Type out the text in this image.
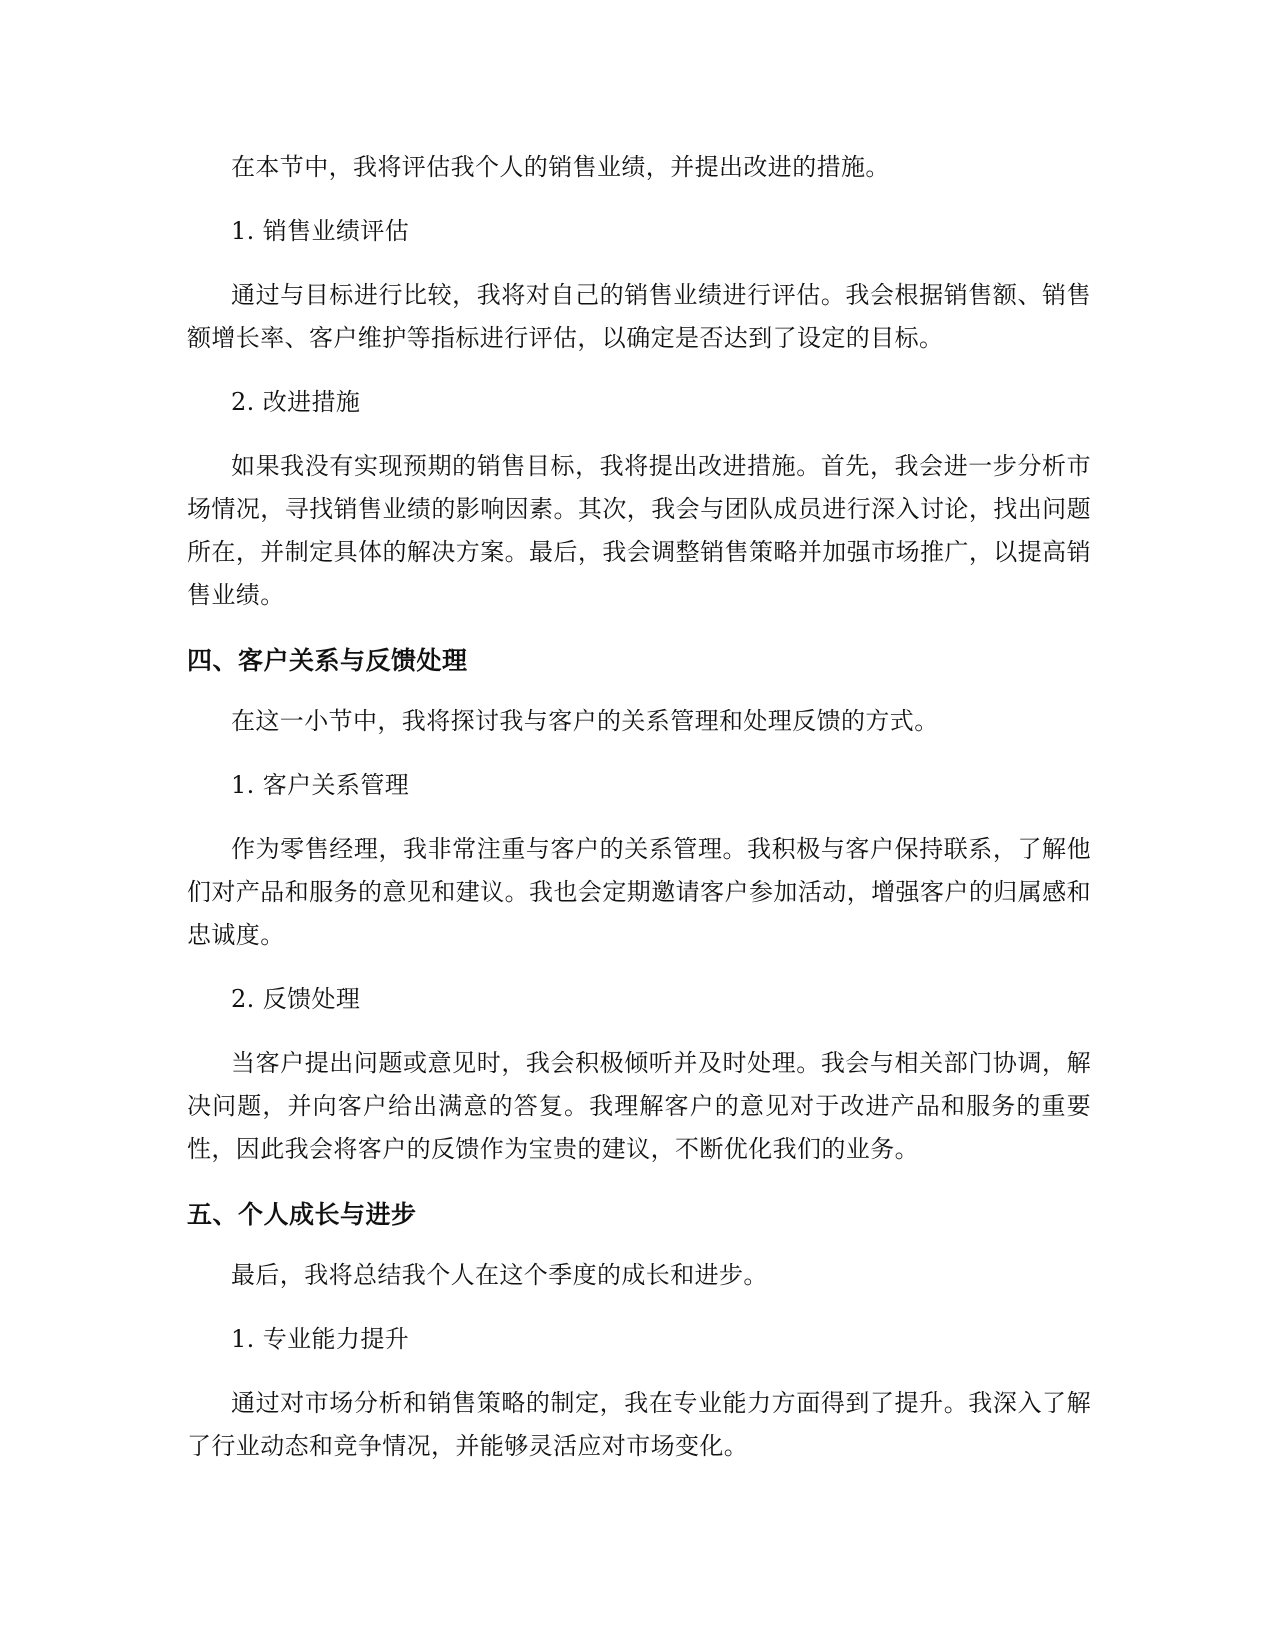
在本节中，我将评估我个人的销售业绩，并提出改进的措施。

1. 销售业绩评估

通过与目标进行比较，我将对自己的销售业绩进行评估。我会根据销售额、销售额增长率、客户维护等指标进行评估，以确定是否达到了设定的目标。

2. 改进措施

如果我没有实现预期的销售目标，我将提出改进措施。首先，我会进一步分析市场情况，寻找销售业绩的影响因素。其次，我会与团队成员进行深入讨论，找出问题所在，并制定具体的解决方案。最后，我会调整销售策略并加强市场推广，以提高销售业绩。

四、客户关系与反馈处理

在这一小节中，我将探讨我与客户的关系管理和处理反馈的方式。

1. 客户关系管理

作为零售经理，我非常注重与客户的关系管理。我积极与客户保持联系，了解他们对产品和服务的意见和建议。我也会定期邀请客户参加活动，增强客户的归属感和忠诚度。

2. 反馈处理

当客户提出问题或意见时，我会积极倾听并及时处理。我会与相关部门协调，解决问题，并向客户给出满意的答复。我理解客户的意见对于改进产品和服务的重要性，因此我会将客户的反馈作为宝贵的建议，不断优化我们的业务。

五、个人成长与进步

最后，我将总结我个人在这个季度的成长和进步。

1. 专业能力提升

通过对市场分析和销售策略的制定，我在专业能力方面得到了提升。我深入了解了行业动态和竞争情况，并能够灵活应对市场变化。
